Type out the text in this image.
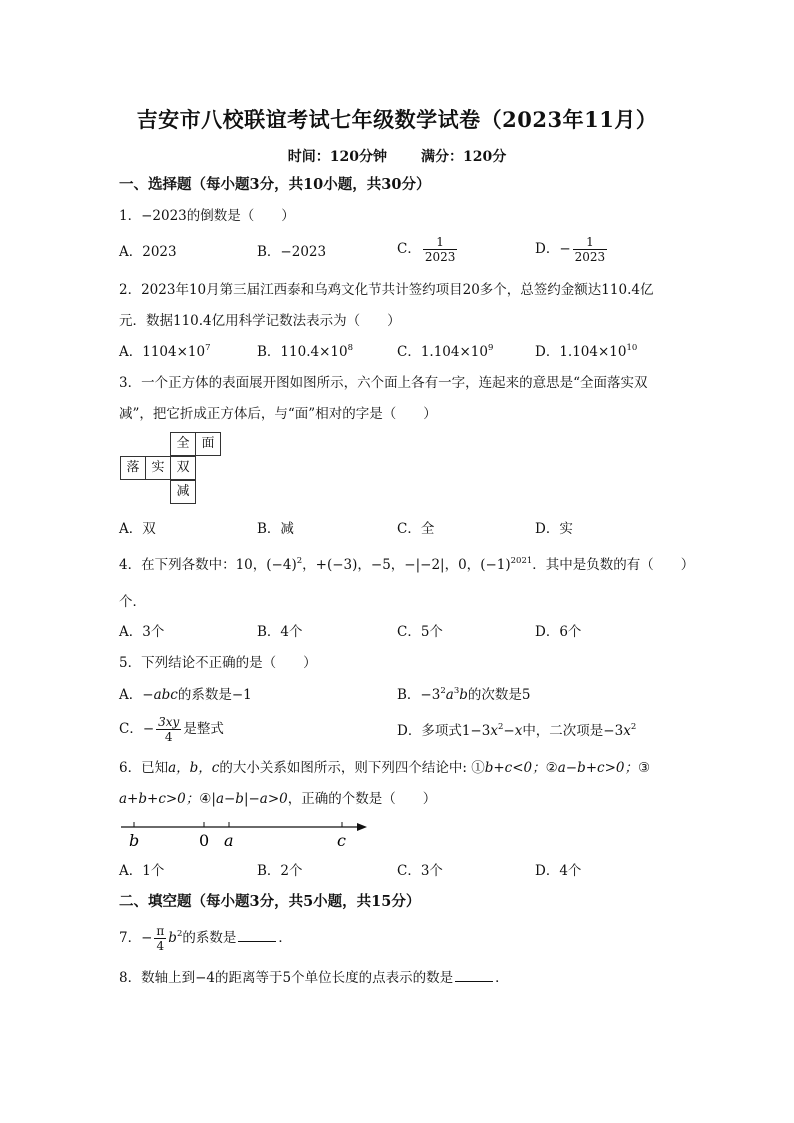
吉安市八校联谊考试七年级数学试卷（2023年11月）
时间：120分钟 满分：120分
一、选择题（每小题3分，共10小题，共30分）
1．−2023的倒数是（　　）
A．2023	B．−2023	C． $\frac{1}{2023}$	D．− $\frac{1}{2023}$
2．2023年10月第三届江西泰和乌鸡文化节共计签约项目20多个，总签约金额达110.4亿
元．数据110.4亿用科学记数法表示为（　　）
A．$1104\times 10^7$	B．$110.4\times 10^8$	C．$1.104\times 10^9$	D．$1.104\times 10^{10}$
3．一个正方体的表面展开图如图所示，六个面上各有一字，连起来的意思是“全面落实双
减”，把它折成正方体后，与“面”相对的字是（　　）
全 面
落 实 双
减
A．双	B．减	C．全	D．实
4．在下列各数中：10，$(-4)^2$，+(−3)，−5，−|−2|，0，$(-1)^{2021}$．其中是负数的有（　　）
个．
A．3个	B．4个	C．5个	D．6个
5．下列结论不正确的是（　　）
A．−abc的系数是−1	B．$-3^2a^3b$的次数是5
C．− $\frac{3xy}{4}$ 是整式	D．多项式$1-3x^2-x$中，二次项是$-3x^2$
6．已知a，b，c的大小关系如图所示，则下列四个结论中: ①b+c<0；②a−b+c>0；③
a+b+c>0；④|a−b|−a>0，正确的个数是（　　）
b	0 a	c
A．1个	B．2个	C．3个	D．4个
二、填空题（每小题3分，共5小题，共15分）
7．− $\frac{\pi}{4} b^2$的系数是	．
8．数轴上到−4的距离等于5个单位长度的点表示的数是	．
